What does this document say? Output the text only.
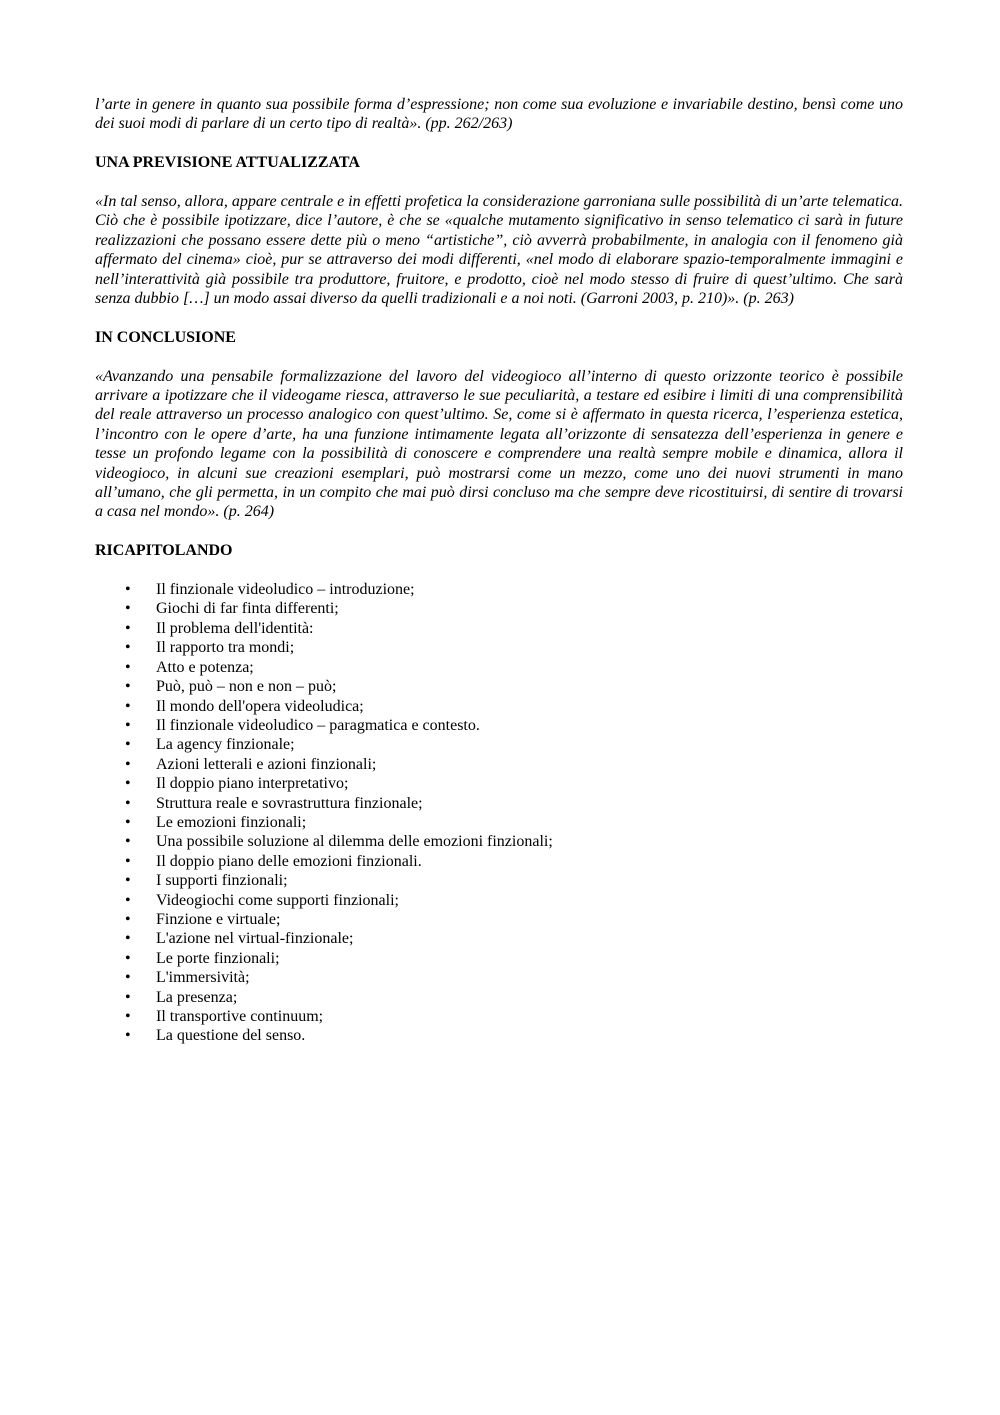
l’arte in genere in quanto sua possibile forma d’espressione; non come sua evoluzione e invariabile destino, bensì come uno dei suoi modi di parlare di un certo tipo di realtà». (pp. 262/263)

UNA PREVISIONE ATTUALIZZATA

«In tal senso, allora, appare centrale e in effetti profetica la considerazione garroniana sulle possibilità di un’arte telematica. Ciò che è possibile ipotizzare, dice l’autore, è che se «qualche mutamento significativo in senso telematico ci sarà in future realizzazioni che possano essere dette più o meno “artistiche”, ciò avverrà probabilmente, in analogia con il fenomeno già affermato del cinema» cioè, pur se attraverso dei modi differenti, «nel modo di elaborare spazio-temporalmente immagini e nell’interattività già possibile tra produttore, fruitore, e prodotto, cioè nel modo stesso di fruire di quest’ultimo. Che sarà senza dubbio […] un modo assai diverso da quelli tradizionali e a noi noti. (Garroni 2003, p. 210)». (p. 263)

IN CONCLUSIONE

«Avanzando una pensabile formalizzazione del lavoro del videogioco all’interno di questo orizzonte teorico è possibile arrivare a ipotizzare che il videogame riesca, attraverso le sue peculiarità, a testare ed esibire i limiti di una comprensibilità del reale attraverso un processo analogico con quest’ultimo. Se, come si è affermato in questa ricerca, l’esperienza estetica, l’incontro con le opere d’arte, ha una funzione intimamente legata all’orizzonte di sensatezza dell’esperienza in genere e tesse un profondo legame con la possibilità di conoscere e comprendere una realtà sempre mobile e dinamica, allora il videogioco, in alcuni sue creazioni esemplari, può mostrarsi come un mezzo, come uno dei nuovi strumenti in mano all’umano, che gli permetta, in un compito che mai può dirsi concluso ma che sempre deve ricostituirsi, di sentire di trovarsi a casa nel mondo». (p. 264)

RICAPITOLANDO
• Il finzionale videoludico – introduzione;
• Giochi di far finta differenti;
• Il problema dell'identità:
• Il rapporto tra mondi;
• Atto e potenza;
• Può, può – non e non – può;
• Il mondo dell'opera videoludica;
• Il finzionale videoludico – paragmatica e contesto.
• La agency finzionale;
• Azioni letterali e azioni finzionali;
• Il doppio piano interpretativo;
• Struttura reale e sovrastruttura finzionale;
• Le emozioni finzionali;
• Una possibile soluzione al dilemma delle emozioni finzionali;
• Il doppio piano delle emozioni finzionali.
• I supporti finzionali;
• Videogiochi come supporti finzionali;
• Finzione e virtuale;
• L'azione nel virtual-finzionale;
• Le porte finzionali;
• L'immersività;
• La presenza;
• Il transportive continuum;
• La questione del senso.
